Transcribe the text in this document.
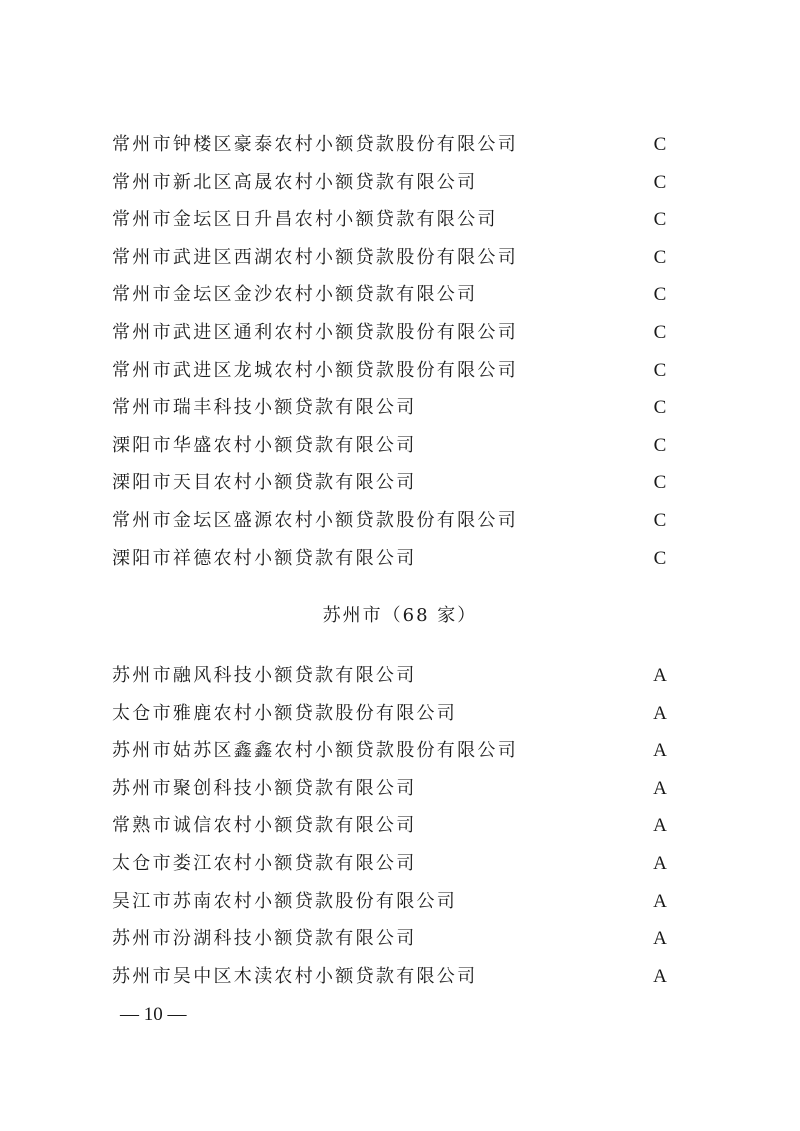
常州市钟楼区豪泰农村小额贷款股份有限公司	C
常州市新北区高晟农村小额贷款有限公司	C
常州市金坛区日升昌农村小额贷款有限公司	C
常州市武进区西湖农村小额贷款股份有限公司	C
常州市金坛区金沙农村小额贷款有限公司	C
常州市武进区通利农村小额贷款股份有限公司	C
常州市武进区龙城农村小额贷款股份有限公司	C
常州市瑞丰科技小额贷款有限公司	C
溧阳市华盛农村小额贷款有限公司	C
溧阳市天目农村小额贷款有限公司	C
常州市金坛区盛源农村小额贷款股份有限公司	C
溧阳市祥德农村小额贷款有限公司	C
苏州市（68 家）
苏州市融风科技小额贷款有限公司	A
太仓市雅鹿农村小额贷款股份有限公司	A
苏州市姑苏区鑫鑫农村小额贷款股份有限公司	A
苏州市聚创科技小额贷款有限公司	A
常熟市诚信农村小额贷款有限公司	A
太仓市娄江农村小额贷款有限公司	A
吴江市苏南农村小额贷款股份有限公司	A
苏州市汾湖科技小额贷款有限公司	A
苏州市吴中区木渎农村小额贷款有限公司	A
— 10 —
